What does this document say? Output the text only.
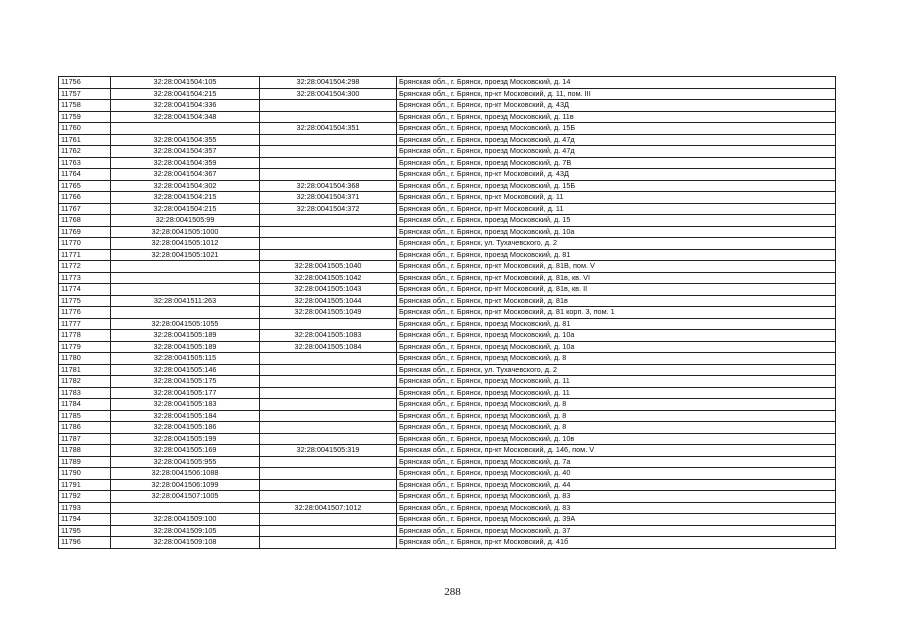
11756	32:28:0041504:105	32:28:0041504:298	Брянская обл., г. Брянск, проезд Московский, д. 14
11757	32:28:0041504:215	32:28:0041504:300	Брянская обл., г. Брянск, пр-кт Московский, д. 11, пом. III
11758	32:28:0041504:336		Брянская обл., г. Брянск, пр-кт Московский, д. 43Д
11759	32:28:0041504:348		Брянская обл., г. Брянск, проезд Московский, д. 11в
11760		32:28:0041504:351	Брянская обл., г. Брянск, проезд Московский, д. 15Б
11761	32:28:0041504:355		Брянская обл., г. Брянск, проезд Московский, д. 47д
11762	32:28:0041504:357		Брянская обл., г. Брянск, проезд Московский, д. 47д
11763	32:28:0041504:359		Брянская обл., г. Брянск, проезд Московский, д. 7В
11764	32:28:0041504:367		Брянская обл., г. Брянск, пр-кт Московский, д. 43Д
11765	32:28:0041504:302	32:28:0041504:368	Брянская обл., г. Брянск, проезд Московский, д. 15Б
11766	32:28:0041504:215	32:28:0041504:371	Брянская обл., г. Брянск, пр-кт Московский, д. 11
11767	32:28:0041504:215	32:28:0041504:372	Брянская обл., г. Брянск, пр-кт Московский, д. 11
11768	32:28:0041505:99		Брянская обл., г. Брянск, проезд Московский, д. 15
11769	32:28:0041505:1000		Брянская обл., г. Брянск, проезд Московский, д. 10а
11770	32:28:0041505:1012		Брянская обл., г. Брянск, ул. Тухачевского, д. 2
11771	32:28:0041505:1021		Брянская обл., г. Брянск, проезд Московский, д. 81
11772		32:28:0041505:1040	Брянская обл., г. Брянск, пр-кт Московский, д. 81В, пом. V
11773		32:28:0041505:1042	Брянская обл., г. Брянск, пр-кт Московский, д. 81в, кв. VI
11774		32:28:0041505:1043	Брянская обл., г. Брянск, пр-кт Московский, д. 81в, кв. II
11775	32:28:0041511:263	32:28:0041505:1044	Брянская обл., г. Брянск, пр-кт Московский, д. 81в
11776		32:28:0041505:1049	Брянская обл., г. Брянск, пр-кт Московский, д. 81 корп. 3, пом. 1
11777	32:28:0041505:1055		Брянская обл., г. Брянск, проезд Московский, д. 81
11778	32:28:0041505:189	32:28:0041505:1083	Брянская обл., г. Брянск, проезд Московский, д. 10а
11779	32:28:0041505:189	32:28:0041505:1084	Брянская обл., г. Брянск, проезд Московский, д. 10а
11780	32:28:0041505:115		Брянская обл., г. Брянск, проезд Московский, д. 8
11781	32:28:0041505:146		Брянская обл., г. Брянск, ул. Тухачевского, д. 2
11782	32:28:0041505:175		Брянская обл., г. Брянск, проезд Московский, д. 11
11783	32:28:0041505:177		Брянская обл., г. Брянск, проезд Московский, д. 11
11784	32:28:0041505:183		Брянская обл., г. Брянск, проезд Московский, д. 8
11785	32:28:0041505:184		Брянская обл., г. Брянск, проезд Московский, д. 8
11786	32:28:0041505:186		Брянская обл., г. Брянск, проезд Московский, д. 8
11787	32:28:0041505:199		Брянская обл., г. Брянск, проезд Московский, д. 10в
11788	32:28:0041505:169	32:28:0041505:319	Брянская обл., г. Брянск, пр-кт Московский, д. 146, пом. V
11789	32:28:0041505:955		Брянская обл., г. Брянск, проезд Московский, д. 7а
11790	32:28:0041506:1088		Брянская обл., г. Брянск, проезд Московский, д. 40
11791	32:28:0041506:1099		Брянская обл., г. Брянск, проезд Московский, д. 44
11792	32:28:0041507:1005		Брянская обл., г. Брянск, проезд Московский, д. 83
11793		32:28:0041507:1012	Брянская обл., г. Брянск, проезд Московский, д. 83
11794	32:28:0041509:100		Брянская обл., г. Брянск, проезд Московский, д. 39А
11795	32:28:0041509:105		Брянская обл., г. Брянск, проезд Московский, д. 37
11796	32:28:0041509:108		Брянская обл., г. Брянск, пр-кт Московский, д. 41б
288
